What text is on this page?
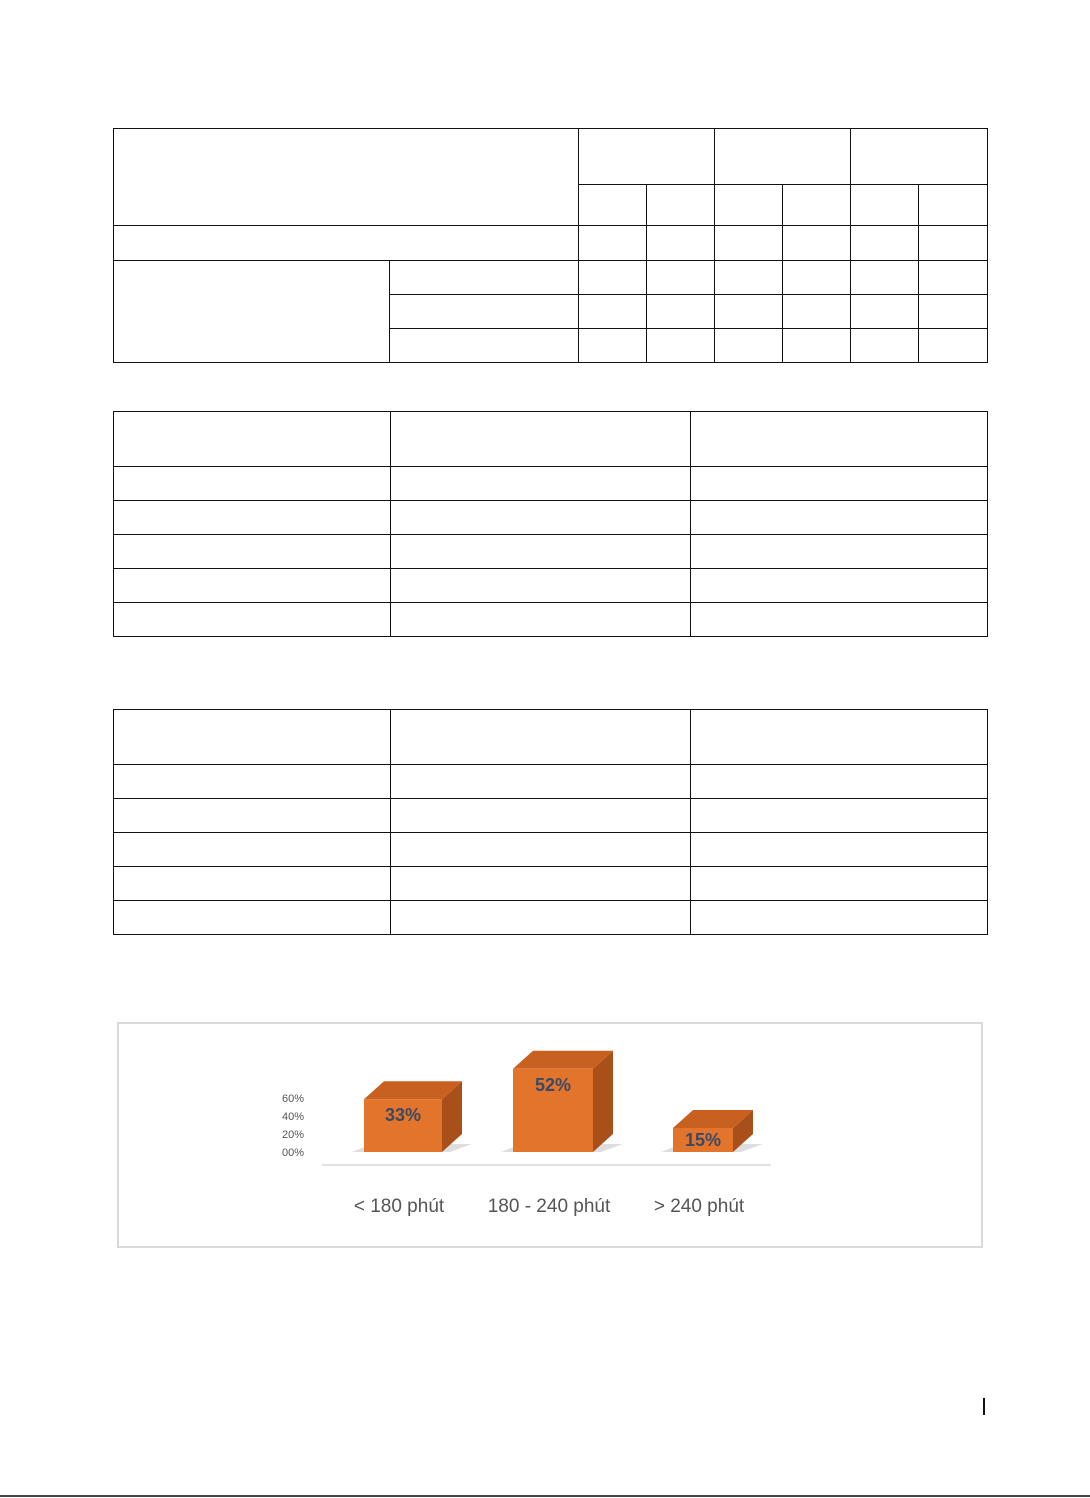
00%
20%
40%
60%
33%
< 180 phút
52%
180 - 240 phút
15%
> 240 phút
